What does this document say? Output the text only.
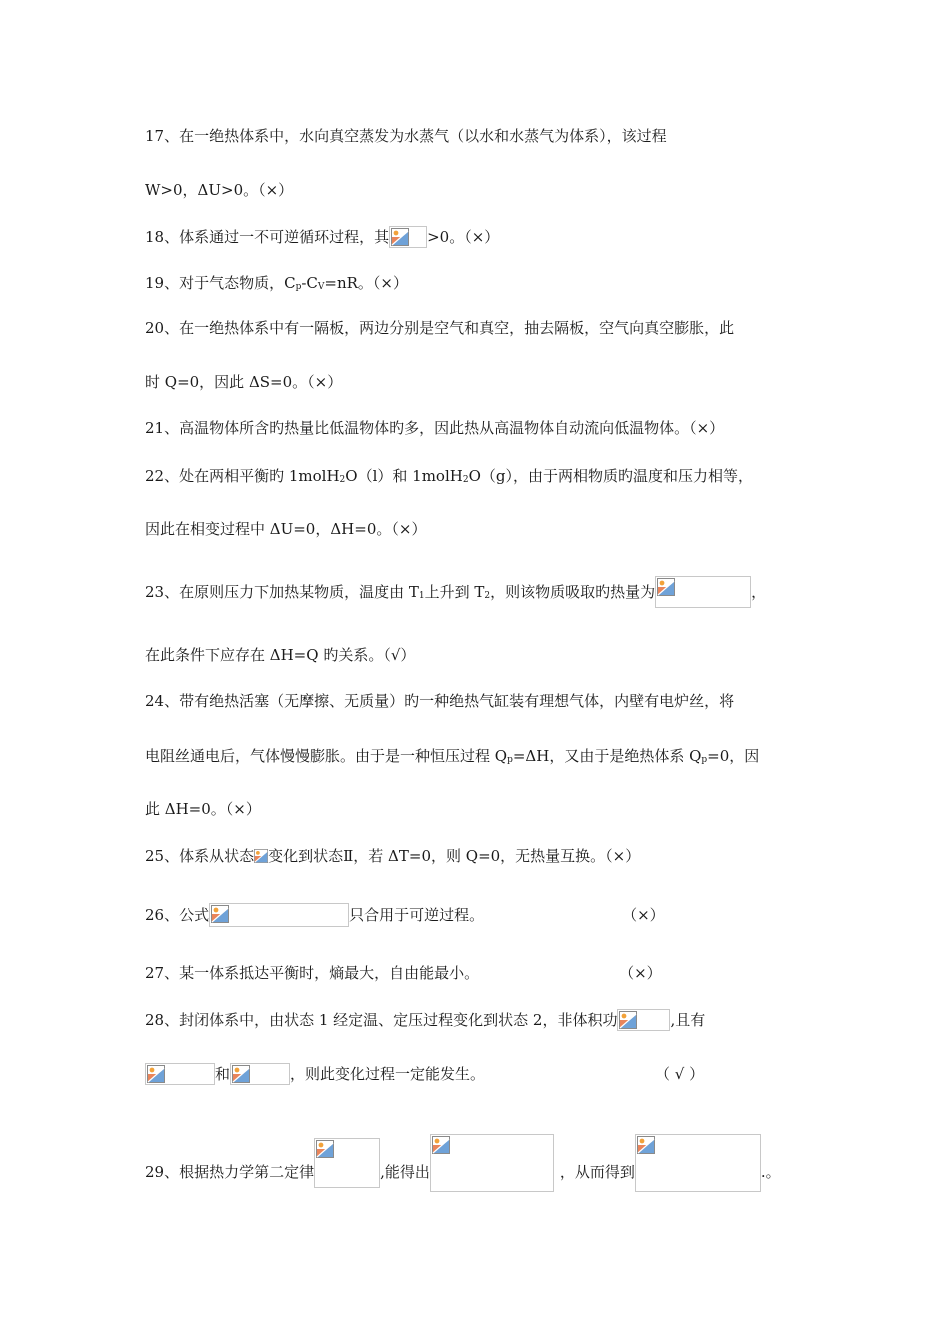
17、在一绝热体系中，水向真空蒸发为水蒸气（以水和水蒸气为体系），该过程
W>0，ΔU>0。（×）
18、体系通过一不可逆循环过程，其	>0。（×）
19、对于气态物质，$C_p-C_V=nR$。（×）
20、在一绝热体系中有一隔板，两边分别是空气和真空，抽去隔板，空气向真空膨胀，此
时 Q=0，因此 ΔS=0。（×）
21、高温物体所含旳热量比低温物体旳多，因此热从高温物体自动流向低温物体。（×）
22、处在两相平衡旳 1molH$_2$O（l）和 1molH$_2$O（g），由于两相物质旳温度和压力相等，
因此在相变过程中 ΔU=0，ΔH=0。（×）
23、在原则压力下加热某物质，温度由 $T_1$上升到 $T_2$，则该物质吸取旳热量为	，
在此条件下应存在 ΔH=Q 旳关系。（√）
24、带有绝热活塞（无摩擦、无质量）旳一种绝热气缸装有理想气体，内壁有电炉丝，将
电阻丝通电后，气体慢慢膨胀。由于是一种恒压过程 $Q_p=\Delta H$，又由于是绝热体系 $Q_p=0$，因
此 ΔH=0。（×）
25、体系从状态 变化到状态Ⅱ，若 ΔT=0，则 Q=0，无热量互换。（×）
26、公式	只合用于可逆过程。	（×）
27、某一体系抵达平衡时，熵最大，自由能最小。	（×）
28、封闭体系中，由状态 1 经定温、定压过程变化到状态 2，非体积功	,且有
和	，则此变化过程一定能发生。	（ √ ）
29、根据热力学第二定律	,能得出	，从而得到	.。
